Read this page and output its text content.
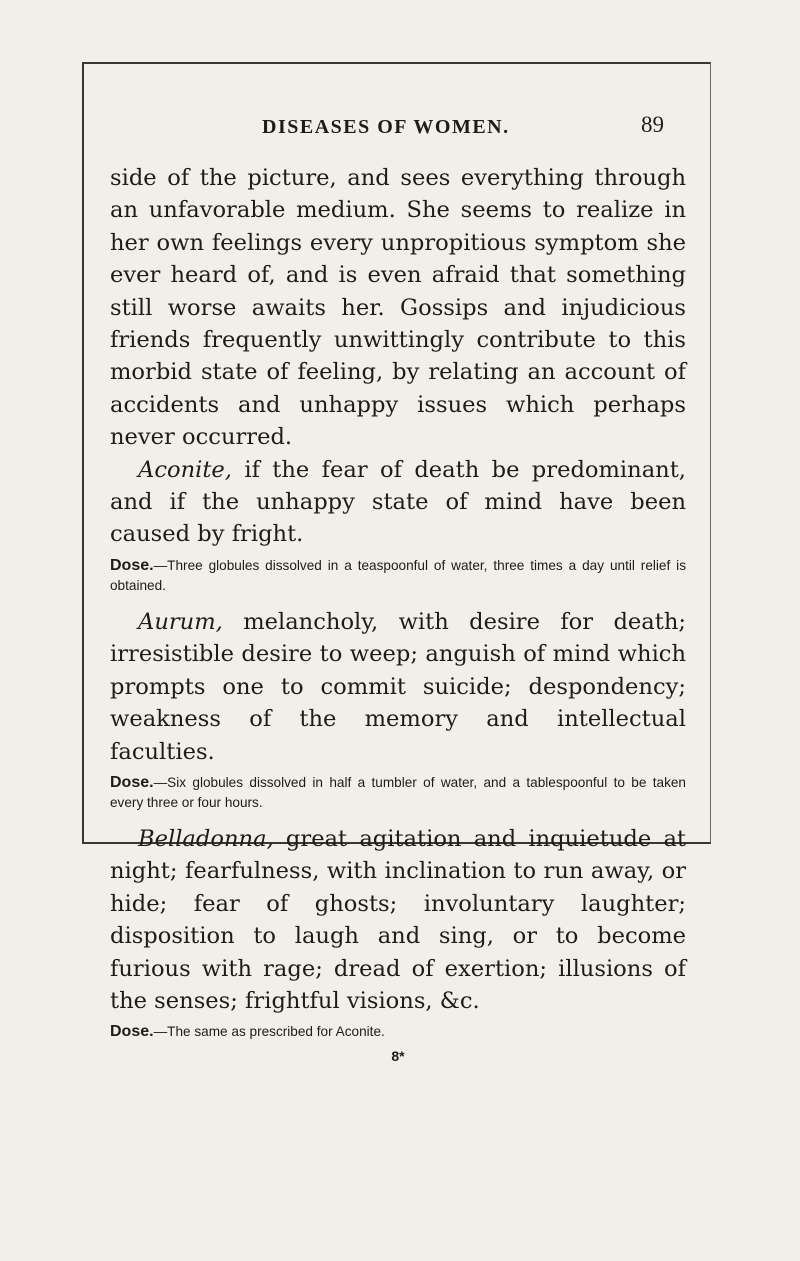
DISEASES OF WOMEN.	89

side of the picture, and sees everything through an unfavorable medium. She seems to realize in her own feelings every unpropitious symptom she ever heard of, and is even afraid that something still worse awaits her. Gossips and injudicious friends frequently unwittingly contribute to this morbid state of feeling, by relating an account of accidents and unhappy issues which perhaps never occurred.

Aconite, if the fear of death be predominant, and if the unhappy state of mind have been caused by fright.

Dose.—Three globules dissolved in a teaspoonful of water, three times a day until relief is obtained.

Aurum, melancholy, with desire for death; irresistible desire to weep; anguish of mind which prompts one to commit suicide; despondency; weakness of the memory and intellectual faculties.

Dose.—Six globules dissolved in half a tumbler of water, and a tablespoonful to be taken every three or four hours.

Belladonna, great agitation and inquietude at night; fearfulness, with inclination to run away, or hide; fear of ghosts; involuntary laughter; disposition to laugh and sing, or to become furious with rage; dread of exertion; illusions of the senses; frightful visions, &c.

Dose.—The same as prescribed for Aconite.

8*
